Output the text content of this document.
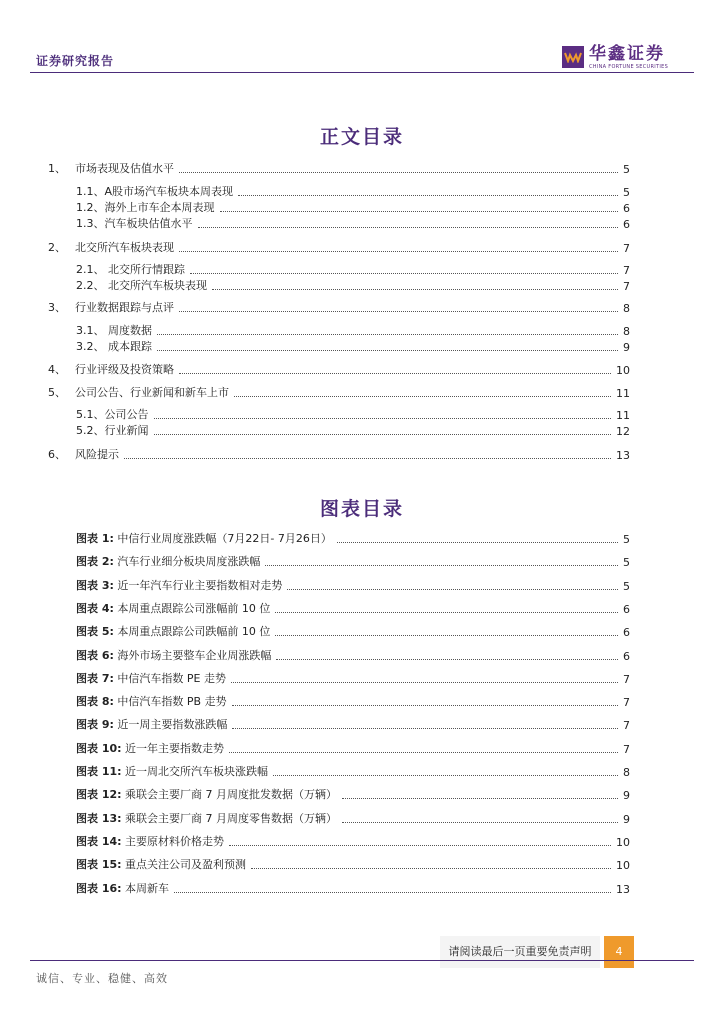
证券研究报告	华鑫证券
CHINA FORTUNE SECURITIES
正文目录
1、 市场表现及估值水平	5
1.1、A股市场汽车板块本周表现	5
1.2、海外上市车企本周表现	6
1.3、汽车板块估值水平	6
2、 北交所汽车板块表现	7
2.1、 北交所行情跟踪	7
2.2、 北交所汽车板块表现	7
3、 行业数据跟踪与点评	8
3.1、 周度数据	8
3.2、 成本跟踪	9
4、 行业评级及投资策略	10
5、 公司公告、行业新闻和新车上市	11
5.1、公司公告	11
5.2、行业新闻	12
6、 风险提示	13
图表目录
图表 1: 中信行业周度涨跌幅（7月22日- 7月26日）	5
图表 2: 汽车行业细分板块周度涨跌幅	5
图表 3: 近一年汽车行业主要指数相对走势	5
图表 4: 本周重点跟踪公司涨幅前 10 位	6
图表 5: 本周重点跟踪公司跌幅前 10 位	6
图表 6: 海外市场主要整车企业周涨跌幅	6
图表 7: 中信汽车指数 PE 走势	7
图表 8: 中信汽车指数 PB 走势	7
图表 9: 近一周主要指数涨跌幅	7
图表 10: 近一年主要指数走势	7
图表 11: 近一周北交所汽车板块涨跌幅	8
图表 12: 乘联会主要厂商 7 月周度批发数据（万辆）	9
图表 13: 乘联会主要厂商 7 月周度零售数据（万辆）	9
图表 14: 主要原材料价格走势	10
图表 15: 重点关注公司及盈利预测	10
图表 16: 本周新车	13
请阅读最后一页重要免责声明	4
诚信、专业、稳健、高效
